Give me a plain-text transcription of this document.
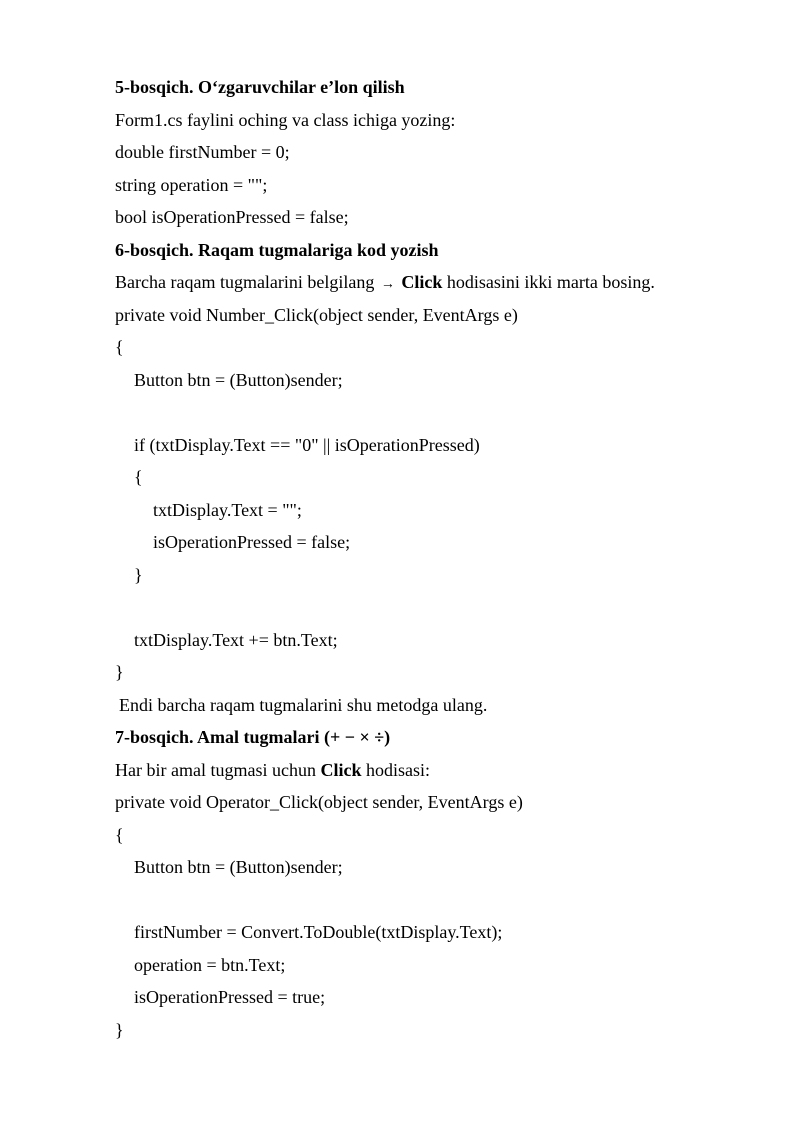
5-bosqich. O‘zgaruvchilar e’lon qilish
Form1.cs faylini oching va class ichiga yozing:
double firstNumber = 0;
string operation = "";
bool isOperationPressed = false;
6-bosqich. Raqam tugmalariga kod yozish
Barcha raqam tugmalarini belgilang → Click hodisasini ikki marta bosing.
private void Number_Click(object sender, EventArgs e)
{
Button btn = (Button)sender;
if (txtDisplay.Text == "0" || isOperationPressed)
{
txtDisplay.Text = "";
isOperationPressed = false;
}
txtDisplay.Text += btn.Text;
}
Endi barcha raqam tugmalarini shu metodga ulang.
7-bosqich. Amal tugmalari (+ − × ÷)
Har bir amal tugmasi uchun Click hodisasi:
private void Operator_Click(object sender, EventArgs e)
{
Button btn = (Button)sender;
firstNumber = Convert.ToDouble(txtDisplay.Text);
operation = btn.Text;
isOperationPressed = true;
}
